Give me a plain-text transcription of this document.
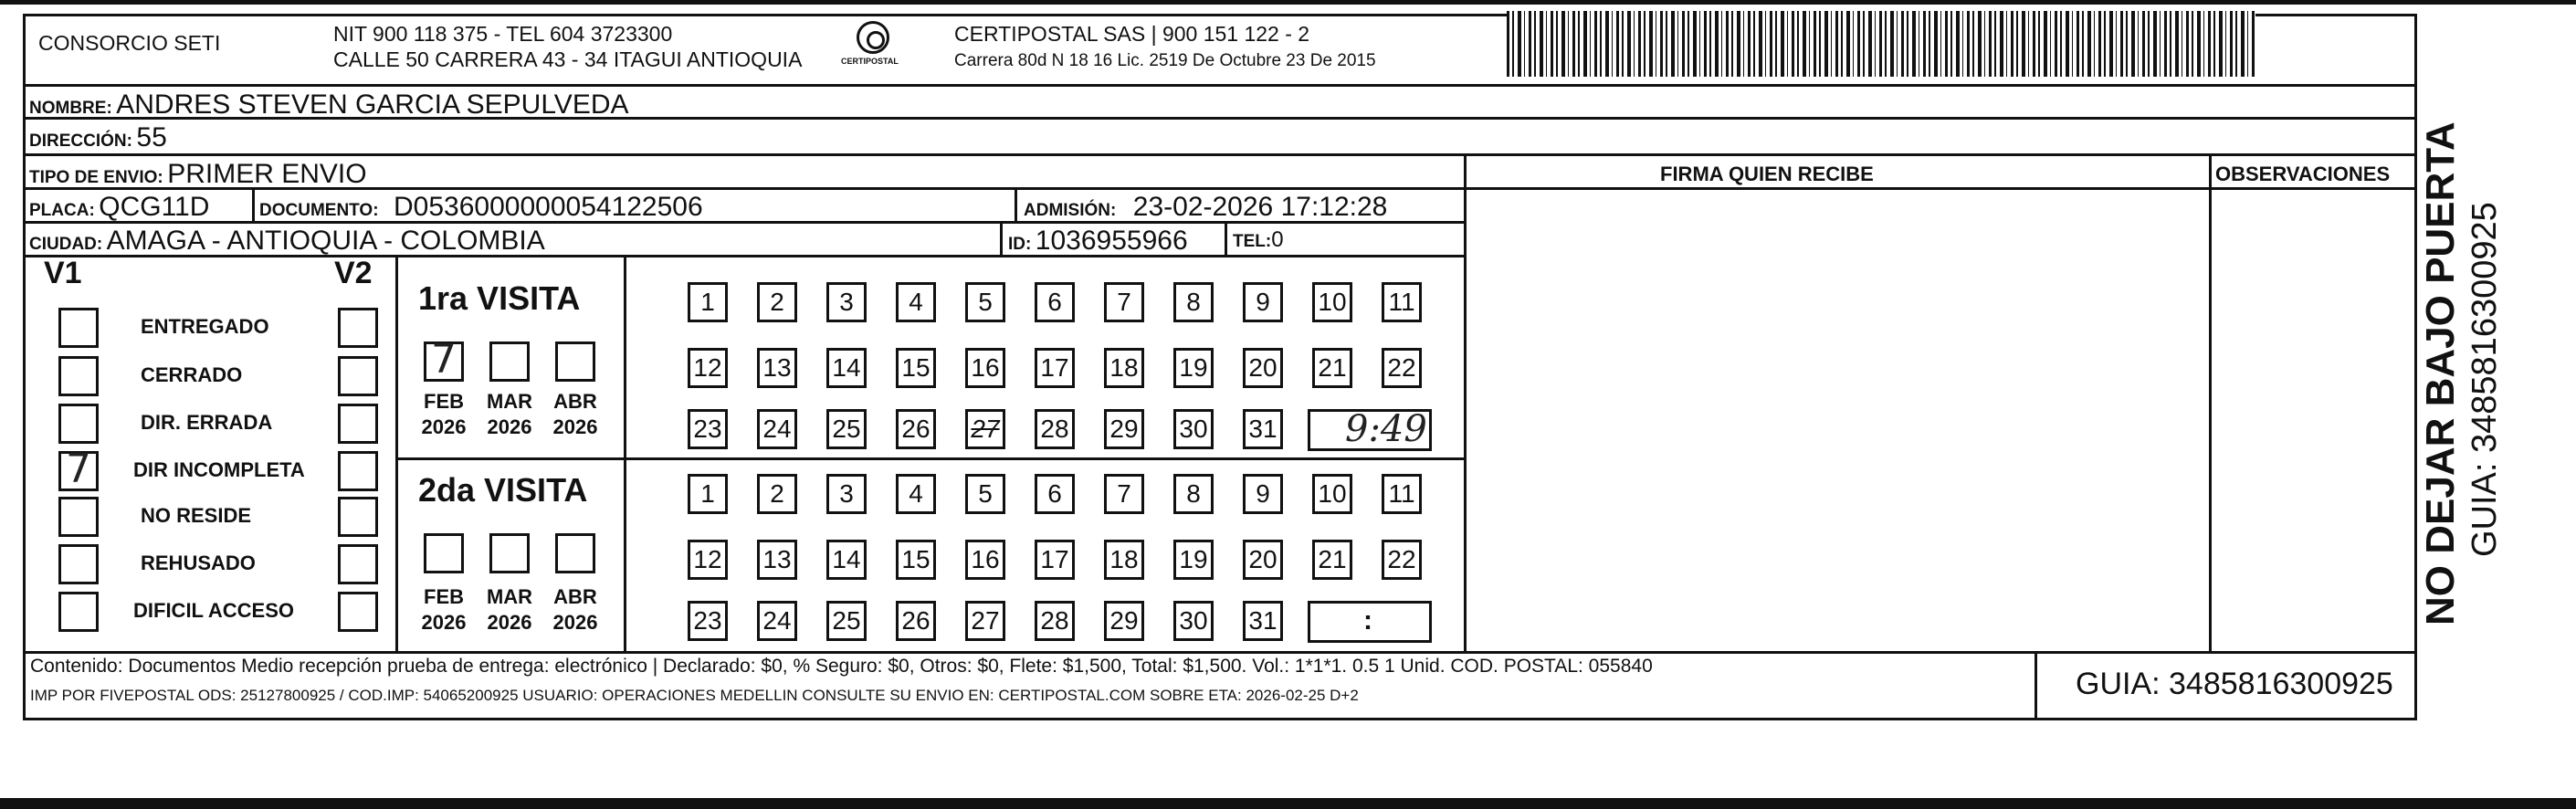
CONSORCIO SETI	NIT 900 118 375 - TEL 604 3723300
CALLE 50 CARRERA 43 - 34 ITAGUI ANTIOQUIA	CERTIPOSTAL
CERTIPOSTAL SAS | 900 151 122 - 2
Carrera 80d N 18 16 Lic. 2519 De Octubre 23 De 2015
NOMBRE: ANDRES STEVEN GARCIA SEPULVEDA
DIRECCIÓN: 55
TIPO DE ENVIO: PRIMER ENVIO	FIRMA QUIEN RECIBE	OBSERVACIONES
PLACA: QCG11D	DOCUMENTO: D0536000000054122506	ADMISIÓN: 23-02-2026 17:12:28
CIUDAD: AMAGA - ANTIOQUIA - COLOMBIA	ID: 1036955966	TEL:0
V1	V2
ENTREGADO
CERRADO
DIR. ERRADA
7	DIR INCOMPLETA
NO RESIDE
REHUSADO
DIFICIL ACCESO
1ra VISITA
2da VISITA
7
FEB
2026
MAR
2026
ABR
2026
FEB
2026
MAR
2026
ABR
2026
1	2	3	4	5	6	7	8	9	10 11
12 13 14 15 16 17 18 19 20 21 22
23 24 25 26 27 28 29 30 31
1	2	3	4	5	6	7	8	9	10 11
12 13 14 15 16 17 18 19 20 21 22
23 24 25 26 27 28 29 30 31
9:49
:
Contenido: Documentos Medio recepción prueba de entrega: electrónico | Declarado: $0, % Seguro: $0, Otros: $0, Flete: $1,500, Total: $1,500. Vol.: 1*1*1. 0.5 1 Unid. COD. POSTAL: 055840
IMP POR FIVEPOSTAL ODS: 25127800925 / COD.IMP: 54065200925 USUARIO: OPERACIONES MEDELLIN CONSULTE SU ENVIO EN: CERTIPOSTAL.COM SOBRE ETA: 2026-02-25 D+2	GUIA: 3485816300925
NO DEJAR BAJO PUERTA GUIA: 3485816300925
